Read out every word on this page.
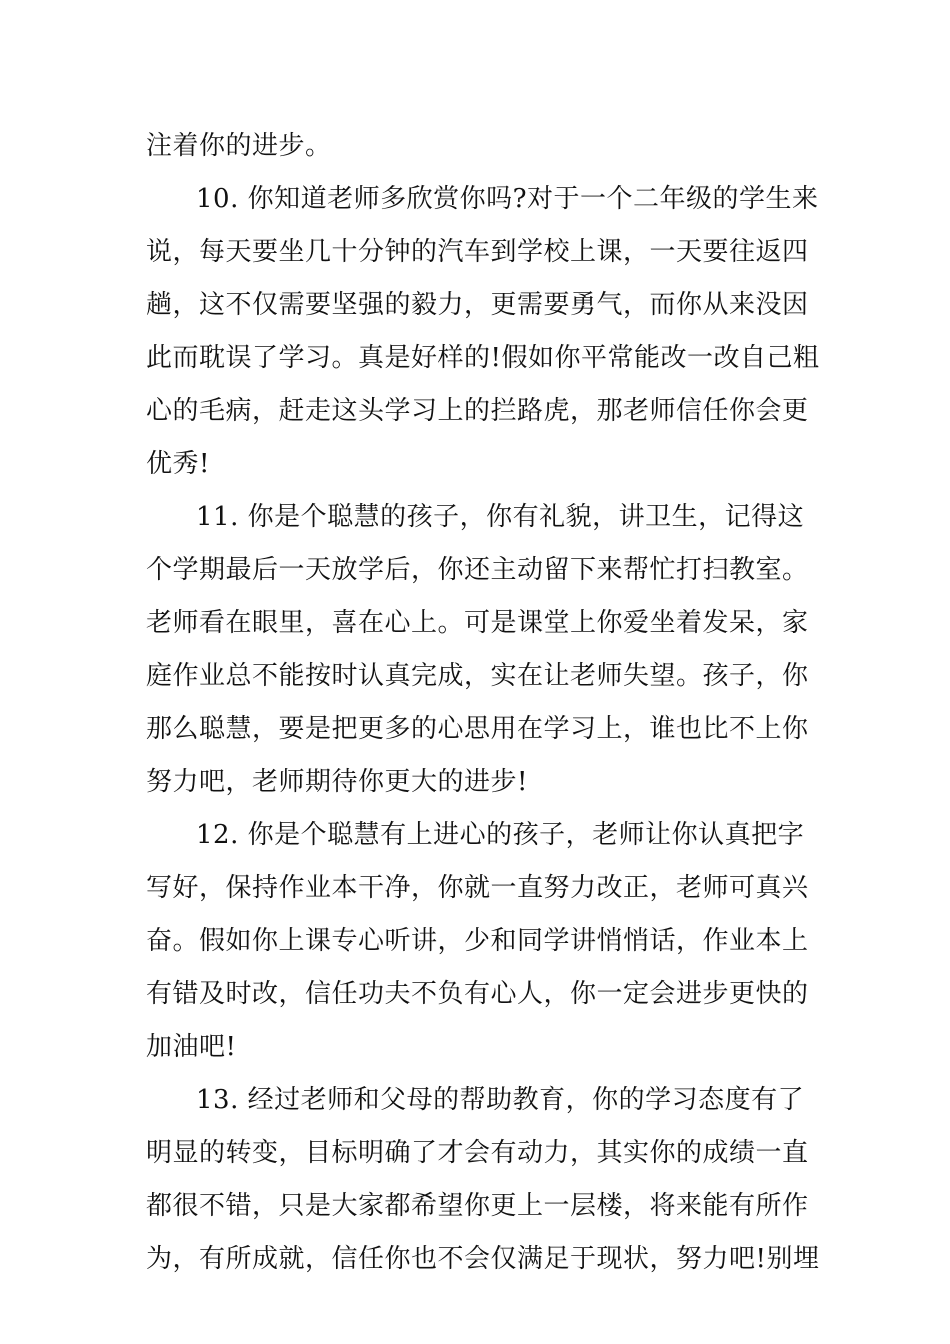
注着你的进步。
10. 你知道老师多欣赏你吗?对于一个二年级的学生来
说，每天要坐几十分钟的汽车到学校上课，一天要往返四
趟，这不仅需要坚强的毅力，更需要勇气，而你从来没因
此而耽误了学习。真是好样的!假如你平常能改一改自己粗
心的毛病，赶走这头学习上的拦路虎，那老师信任你会更
优秀!
11. 你是个聪慧的孩子，你有礼貌，讲卫生，记得这
个学期最后一天放学后，你还主动留下来帮忙打扫教室。
老师看在眼里，喜在心上。可是课堂上你爱坐着发呆，家
庭作业总不能按时认真完成，实在让老师失望。孩子，你
那么聪慧，要是把更多的心思用在学习上，谁也比不上你
努力吧，老师期待你更大的进步!
12. 你是个聪慧有上进心的孩子，老师让你认真把字
写好，保持作业本干净，你就一直努力改正，老师可真兴
奋。假如你上课专心听讲，少和同学讲悄悄话，作业本上
有错及时改，信任功夫不负有心人，你一定会进步更快的
加油吧!
13. 经过老师和父母的帮助教育，你的学习态度有了
明显的转变，目标明确了才会有动力，其实你的成绩一直
都很不错，只是大家都希望你更上一层楼，将来能有所作
为，有所成就，信任你也不会仅满足于现状，努力吧!别埋
